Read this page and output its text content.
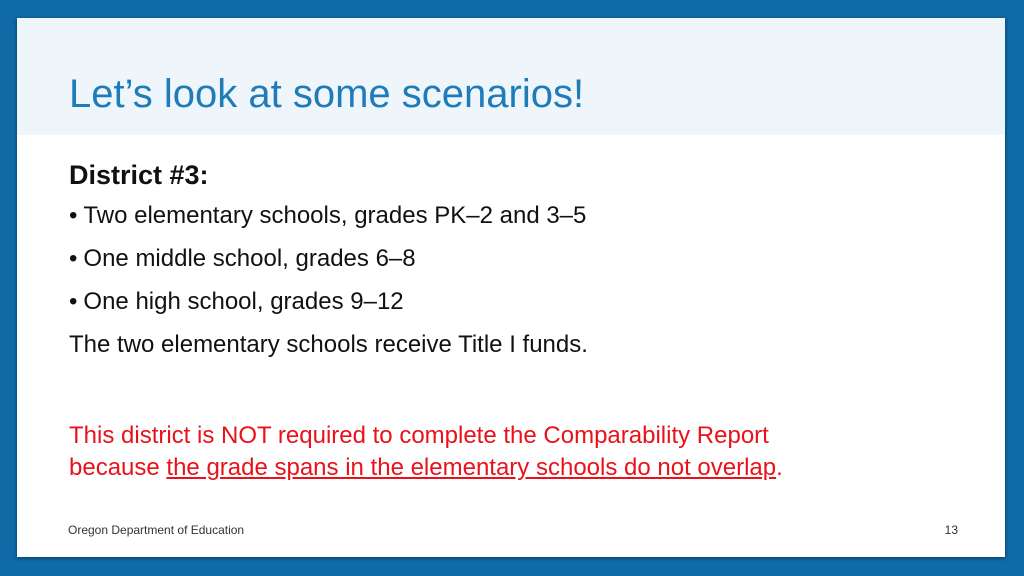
Let’s look at some scenarios!

District #3:

• Two elementary schools, grades PK–2 and 3–5
• One middle school, grades 6–8
• One high school, grades 9–12

The two elementary schools receive Title I funds.

This district is NOT required to complete the Comparability Report
because the grade spans in the elementary schools do not overlap.

Oregon Department of Education	13
